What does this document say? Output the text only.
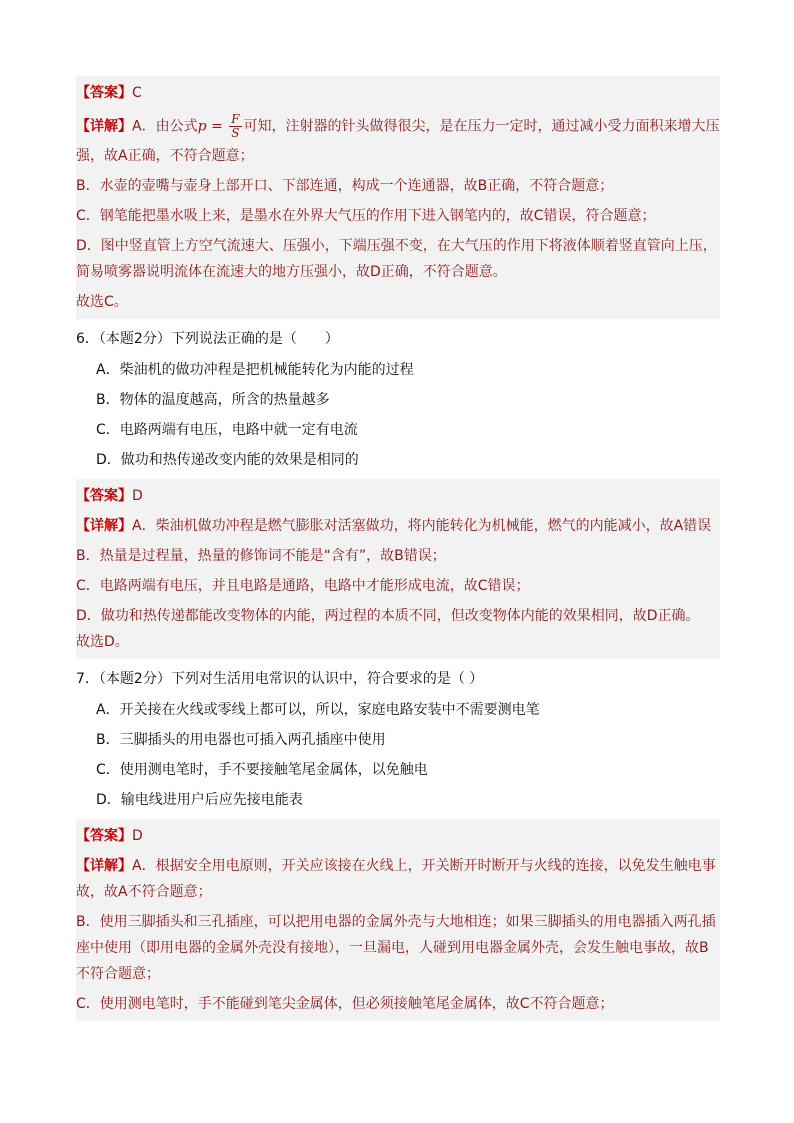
【答案】C
【详解】A．由公式$p = \frac{F}{S}$ 可知，注射器的针头做得很尖，是在压力一定时，通过减小受力面积来增大压
强，故A正确，不符合题意；
B．水壶的壶嘴与壶身上部开口、下部连通，构成一个连通器，故B正确，不符合题意；
C．钢笔能把墨水吸上来，是墨水在外界大气压的作用下进入钢笔内的，故C错误，符合题意；
D．图中竖直管上方空气流速大、压强小，下端压强不变，在大气压的作用下将液体顺着竖直管向上压，
简易喷雾器说明流体在流速大的地方压强小，故D正确，不符合题意。
故选C。
6．（本题2分）下列说法正确的是（　　）
A．柴油机的做功冲程是把机械能转化为内能的过程
B．物体的温度越高，所含的热量越多
C．电路两端有电压，电路中就一定有电流
D．做功和热传递改变内能的效果是相同的
【答案】D
【详解】A．柴油机做功冲程是燃气膨胀对活塞做功，将内能转化为机械能，燃气的内能减小，故A错误
B．热量是过程量，热量的修饰词不能是“含有”，故B错误；
C．电路两端有电压，并且电路是通路，电路中才能形成电流，故C错误；
D．做功和热传递都能改变物体的内能，两过程的本质不同，但改变物体内能的效果相同，故D正确。
故选D。
7．（本题2分）下列对生活用电常识的认识中，符合要求的是（ ）
A．开关接在火线或零线上都可以，所以，家庭电路安装中不需要测电笔
B．三脚插头的用电器也可插入两孔插座中使用
C．使用测电笔时，手不要接触笔尾金属体，以免触电
D．输电线进用户后应先接电能表
【答案】D
【详解】A．根据安全用电原则，开关应该接在火线上，开关断开时断开与火线的连接，以免发生触电事
故，故A不符合题意；
B．使用三脚插头和三孔插座，可以把用电器的金属外壳与大地相连；如果三脚插头的用电器插入两孔插
座中使用（即用电器的金属外壳没有接地），一旦漏电，人碰到用电器金属外壳，会发生触电事故，故B
不符合题意；
C．使用测电笔时，手不能碰到笔尖金属体，但必须接触笔尾金属体，故C不符合题意；
